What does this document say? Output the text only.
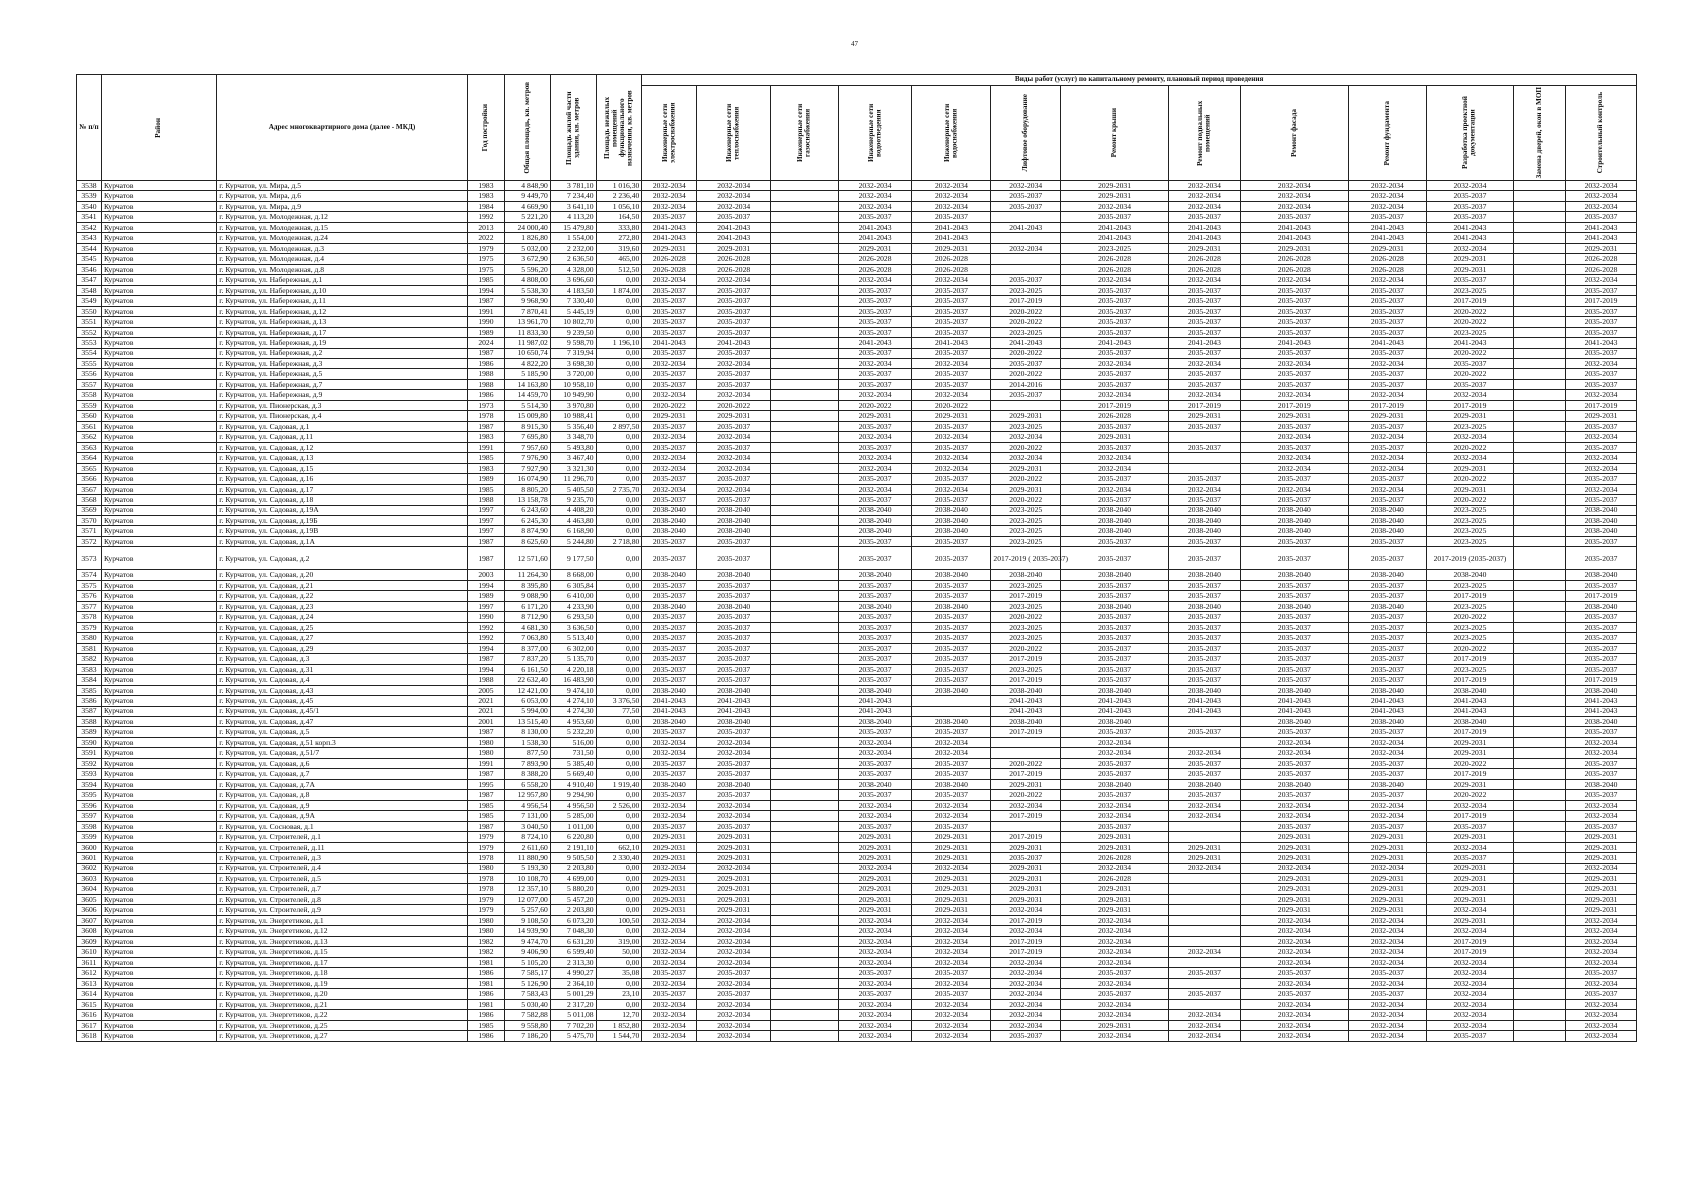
47
№ п/п	Район	Адрес многоквартирного дома (далее - МКД)	Год постройки	Общая площадь, кв. метров	Площадь жилой части здания, кв. метров	Площадь нежилых помещений функционального назначения, кв. метров	Виды работ (услуг) по капитальному ремонту, плановый период проведения												

							Инженерные сети электроснабжения	Инженерные сети теплоснабжения	Инженерные сети газоснабжения	Инженерные сети водоотведения	Инженерные сети водоснабжения	Лифтовое оборудование	Ремонт крыши	Ремонт подвальных помещений	Ремонт фасада	Ремонт фундамента	Разработка проектной документации	Замена дверей, окон в МОП	Строительный контроль

3538	Курчатов	г. Курчатов, ул. Мира, д.5	1983	4 848,90	3 781,10	1 016,30	2032-2034	2032-2034		2032-2034	2032-2034	2032-2034	2029-2031	2032-2034	2032-2034	2032-2034	2032-2034		2032-2034
3539	Курчатов	г. Курчатов, ул. Мира, д.6	1983	9 449,70	7 234,40	2 236,40	2032-2034	2032-2034		2032-2034	2032-2034	2035-2037	2029-2031	2032-2034	2032-2034	2032-2034	2035-2037		2032-2034
3540	Курчатов	г. Курчатов, ул. Мира, д.9	1984	4 669,90	3 641,10	1 056,10	2032-2034	2032-2034		2032-2034	2032-2034	2035-2037	2032-2034	2032-2034	2032-2034	2032-2034	2035-2037		2032-2034
3541	Курчатов	г. Курчатов, ул. Молодежная, д.12	1992	5 221,20	4 113,20	164,50	2035-2037	2035-2037		2035-2037	2035-2037		2035-2037	2035-2037	2035-2037	2035-2037	2035-2037		2035-2037
3542	Курчатов	г. Курчатов, ул. Молодежная, д.15	2013	24 000,40	15 479,80	333,80	2041-2043	2041-2043		2041-2043	2041-2043	2041-2043	2041-2043	2041-2043	2041-2043	2041-2043	2041-2043		2041-2043
3543	Курчатов	г. Курчатов, ул. Молодежная, д.24	2022	1 826,80	1 554,00	272,80	2041-2043	2041-2043		2041-2043	2041-2043		2041-2043	2041-2043	2041-2043	2041-2043	2041-2043		2041-2043
3544	Курчатов	г. Курчатов, ул. Молодежная, д.3	1979	5 032,00	2 232,00	319,60	2029-2031	2029-2031		2029-2031	2029-2031	2032-2034	2023-2025	2029-2031	2029-2031	2029-2031	2032-2034		2029-2031
3545	Курчатов	г. Курчатов, ул. Молодежная, д.4	1975	3 672,90	2 636,50	465,00	2026-2028	2026-2028		2026-2028	2026-2028		2026-2028	2026-2028	2026-2028	2026-2028	2029-2031		2026-2028
3546	Курчатов	г. Курчатов, ул. Молодежная, д.8	1975	5 596,20	4 328,00	512,50	2026-2028	2026-2028		2026-2028	2026-2028		2026-2028	2026-2028	2026-2028	2026-2028	2029-2031		2026-2028
3547	Курчатов	г. Курчатов, ул. Набережная, д.1	1985	4 808,00	3 696,60	0,00	2032-2034	2032-2034		2032-2034	2032-2034	2035-2037	2032-2034	2032-2034	2032-2034	2032-2034	2035-2037		2032-2034
3548	Курчатов	г. Курчатов, ул. Набережная, д.10	1994	5 538,30	4 183,50	1 874,00	2035-2037	2035-2037		2035-2037	2035-2037	2023-2025	2035-2037	2035-2037	2035-2037	2035-2037	2023-2025		2035-2037
3549	Курчатов	г. Курчатов, ул. Набережная, д.11	1987	9 968,90	7 330,40	0,00	2035-2037	2035-2037		2035-2037	2035-2037	2017-2019	2035-2037	2035-2037	2035-2037	2035-2037	2017-2019		2017-2019
3550	Курчатов	г. Курчатов, ул. Набережная, д.12	1991	7 870,41	5 445,19	0,00	2035-2037	2035-2037		2035-2037	2035-2037	2020-2022	2035-2037	2035-2037	2035-2037	2035-2037	2020-2022		2035-2037
3551	Курчатов	г. Курчатов, ул. Набережная, д.13	1990	13 961,70	10 802,70	0,00	2035-2037	2035-2037		2035-2037	2035-2037	2020-2022	2035-2037	2035-2037	2035-2037	2035-2037	2020-2022		2035-2037
3552	Курчатов	г. Курчатов, ул. Набережная, д.17	1989	11 833,30	9 239,50	0,00	2035-2037	2035-2037		2035-2037	2035-2037	2023-2025	2035-2037	2035-2037	2035-2037	2035-2037	2023-2025		2035-2037
3553	Курчатов	г. Курчатов, ул. Набережная, д.19	2024	11 987,02	9 598,70	1 196,10	2041-2043	2041-2043		2041-2043	2041-2043	2041-2043	2041-2043	2041-2043	2041-2043	2041-2043	2041-2043		2041-2043
3554	Курчатов	г. Курчатов, ул. Набережная, д.2	1987	10 650,74	7 319,94	0,00	2035-2037	2035-2037		2035-2037	2035-2037	2020-2022	2035-2037	2035-2037	2035-2037	2035-2037	2020-2022		2035-2037
3555	Курчатов	г. Курчатов, ул. Набережная, д.3	1986	4 822,20	3 698,30	0,00	2032-2034	2032-2034		2032-2034	2032-2034	2035-2037	2032-2034	2032-2034	2032-2034	2032-2034	2035-2037		2032-2034
3556	Курчатов	г. Курчатов, ул. Набережная, д.5	1988	5 185,90	3 720,00	0,00	2035-2037	2035-2037		2035-2037	2035-2037	2020-2022	2035-2037	2035-2037	2035-2037	2035-2037	2020-2022		2035-2037
3557	Курчатов	г. Курчатов, ул. Набережная, д.7	1988	14 163,80	10 958,10	0,00	2035-2037	2035-2037		2035-2037	2035-2037	2014-2016	2035-2037	2035-2037	2035-2037	2035-2037	2035-2037		2035-2037
3558	Курчатов	г. Курчатов, ул. Набережная, д.9	1986	14 459,70	10 949,90	0,00	2032-2034	2032-2034		2032-2034	2032-2034	2035-2037	2032-2034	2032-2034	2032-2034	2032-2034	2032-2034		2032-2034
3559	Курчатов	г. Курчатов, ул. Пионерская, д.3	1973	5 514,30	3 970,80	0,00	2020-2022	2020-2022		2020-2022	2020-2022		2017-2019	2017-2019	2017-2019	2017-2019	2017-2019		2017-2019
3560	Курчатов	г. Курчатов, ул. Пионерская, д.4	1978	15 009,80	10 988,41	0,00	2029-2031	2029-2031		2029-2031	2029-2031	2029-2031	2026-2028	2029-2031	2029-2031	2029-2031	2029-2031		2029-2031
3561	Курчатов	г. Курчатов, ул. Садовая, д.1	1987	8 915,30	5 356,40	2 897,50	2035-2037	2035-2037		2035-2037	2035-2037	2023-2025	2035-2037	2035-2037	2035-2037	2035-2037	2023-2025		2035-2037
3562	Курчатов	г. Курчатов, ул. Садовая, д.11	1983	7 695,80	3 348,70	0,00	2032-2034	2032-2034		2032-2034	2032-2034	2032-2034	2029-2031		2032-2034	2032-2034	2032-2034		2032-2034
3563	Курчатов	г. Курчатов, ул. Садовая, д.12	1991	7 957,60	5 493,80	0,00	2035-2037	2035-2037		2035-2037	2035-2037	2020-2022	2035-2037	2035-2037	2035-2037	2035-2037	2020-2022		2035-2037
3564	Курчатов	г. Курчатов, ул. Садовая, д.13	1985	7 976,90	3 467,40	0,00	2032-2034	2032-2034		2032-2034	2032-2034	2032-2034	2032-2034		2032-2034	2032-2034	2032-2034		2032-2034
3565	Курчатов	г. Курчатов, ул. Садовая, д.15	1983	7 927,90	3 321,30	0,00	2032-2034	2032-2034		2032-2034	2032-2034	2029-2031	2032-2034		2032-2034	2032-2034	2029-2031		2032-2034
3566	Курчатов	г. Курчатов, ул. Садовая, д.16	1989	16 074,90	11 296,70	0,00	2035-2037	2035-2037		2035-2037	2035-2037	2020-2022	2035-2037	2035-2037	2035-2037	2035-2037	2020-2022		2035-2037
3567	Курчатов	г. Курчатов, ул. Садовая, д.17	1985	8 805,20	5 405,50	2 735,70	2032-2034	2032-2034		2032-2034	2032-2034	2029-2031	2032-2034	2032-2034	2032-2034	2032-2034	2029-2031		2032-2034
3568	Курчатов	г. Курчатов, ул. Садовая, д.18	1988	13 158,78	9 235,70	0,00	2035-2037	2035-2037		2035-2037	2035-2037	2020-2022	2035-2037	2035-2037	2035-2037	2035-2037	2020-2022		2035-2037
3569	Курчатов	г. Курчатов, ул. Садовая, д.19А	1997	6 243,60	4 408,20	0,00	2038-2040	2038-2040		2038-2040	2038-2040	2023-2025	2038-2040	2038-2040	2038-2040	2038-2040	2023-2025		2038-2040
3570	Курчатов	г. Курчатов, ул. Садовая, д.19Б	1997	6 245,30	4 463,80	0,00	2038-2040	2038-2040		2038-2040	2038-2040	2023-2025	2038-2040	2038-2040	2038-2040	2038-2040	2023-2025		2038-2040
3571	Курчатов	г. Курчатов, ул. Садовая, д.19В	1997	8 874,90	6 168,90	0,00	2038-2040	2038-2040		2038-2040	2038-2040	2023-2025	2038-2040	2038-2040	2038-2040	2038-2040	2023-2025		2038-2040
3572	Курчатов	г. Курчатов, ул. Садовая, д.1А	1987	8 625,60	5 244,80	2 718,80	2035-2037	2035-2037		2035-2037	2035-2037	2023-2025	2035-2037	2035-2037	2035-2037	2035-2037	2023-2025		2035-2037
3573	Курчатов	г. Курчатов, ул. Садовая, д.2	1987	12 571,60	9 177,50	0,00	2035-2037	2035-2037		2035-2037	2035-2037	2017-2019 ( 2035-2037)	2035-2037	2035-2037	2035-2037	2035-2037	2017-2019 (2035-2037)		2035-2037
3574	Курчатов	г. Курчатов, ул. Садовая, д.20	2003	11 264,30	8 668,00	0,00	2038-2040	2038-2040		2038-2040	2038-2040	2038-2040	2038-2040	2038-2040	2038-2040	2038-2040	2038-2040		2038-2040
3575	Курчатов	г. Курчатов, ул. Садовая, д.21	1994	8 395,80	6 305,84	0,00	2035-2037	2035-2037		2035-2037	2035-2037	2023-2025	2035-2037	2035-2037	2035-2037	2035-2037	2023-2025		2035-2037
3576	Курчатов	г. Курчатов, ул. Садовая, д.22	1989	9 088,90	6 410,00	0,00	2035-2037	2035-2037		2035-2037	2035-2037	2017-2019	2035-2037	2035-2037	2035-2037	2035-2037	2017-2019		2017-2019
3577	Курчатов	г. Курчатов, ул. Садовая, д.23	1997	6 171,20	4 233,90	0,00	2038-2040	2038-2040		2038-2040	2038-2040	2023-2025	2038-2040	2038-2040	2038-2040	2038-2040	2023-2025		2038-2040
3578	Курчатов	г. Курчатов, ул. Садовая, д.24	1990	8 712,90	6 293,50	0,00	2035-2037	2035-2037		2035-2037	2035-2037	2020-2022	2035-2037	2035-2037	2035-2037	2035-2037	2020-2022		2035-2037
3579	Курчатов	г. Курчатов, ул. Садовая, д.25	1992	4 681,30	3 636,50	0,00	2035-2037	2035-2037		2035-2037	2035-2037	2023-2025	2035-2037	2035-2037	2035-2037	2035-2037	2023-2025		2035-2037
3580	Курчатов	г. Курчатов, ул. Садовая, д.27	1992	7 063,80	5 513,40	0,00	2035-2037	2035-2037		2035-2037	2035-2037	2023-2025	2035-2037	2035-2037	2035-2037	2035-2037	2023-2025		2035-2037
3581	Курчатов	г. Курчатов, ул. Садовая, д.29	1994	8 377,00	6 302,00	0,00	2035-2037	2035-2037		2035-2037	2035-2037	2020-2022	2035-2037	2035-2037	2035-2037	2035-2037	2020-2022		2035-2037
3582	Курчатов	г. Курчатов, ул. Садовая, д.3	1987	7 837,20	5 135,70	0,00	2035-2037	2035-2037		2035-2037	2035-2037	2017-2019	2035-2037	2035-2037	2035-2037	2035-2037	2017-2019		2035-2037
3583	Курчатов	г. Курчатов, ул. Садовая, д.31	1994	6 161,50	4 220,18	0,00	2035-2037	2035-2037		2035-2037	2035-2037	2023-2025	2035-2037	2035-2037	2035-2037	2035-2037	2023-2025		2035-2037
3584	Курчатов	г. Курчатов, ул. Садовая, д.4	1988	22 632,40	16 483,90	0,00	2035-2037	2035-2037		2035-2037	2035-2037	2017-2019	2035-2037	2035-2037	2035-2037	2035-2037	2017-2019		2017-2019
3585	Курчатов	г. Курчатов, ул. Садовая, д.43	2005	12 421,00	9 474,10	0,00	2038-2040	2038-2040		2038-2040	2038-2040	2038-2040	2038-2040	2038-2040	2038-2040	2038-2040	2038-2040		2038-2040
3586	Курчатов	г. Курчатов, ул. Садовая, д.45	2021	6 053,00	4 274,10	3 376,50	2041-2043	2041-2043		2041-2043		2041-2043	2041-2043	2041-2043	2041-2043	2041-2043	2041-2043		2041-2043
3587	Курчатов	г. Курчатов, ул. Садовая, д.45/1	2021	5 994,00	4 274,30	77,50	2041-2043	2041-2043		2041-2043		2041-2043	2041-2043	2041-2043	2041-2043	2041-2043	2041-2043		2041-2043
3588	Курчатов	г. Курчатов, ул. Садовая, д.47	2001	13 515,40	4 953,60	0,00	2038-2040	2038-2040		2038-2040	2038-2040	2038-2040	2038-2040		2038-2040	2038-2040	2038-2040		2038-2040
3589	Курчатов	г. Курчатов, ул. Садовая, д.5	1987	8 130,00	5 232,20	0,00	2035-2037	2035-2037		2035-2037	2035-2037	2017-2019	2035-2037	2035-2037	2035-2037	2035-2037	2017-2019		2035-2037
3590	Курчатов	г. Курчатов, ул. Садовая, д.51 корп.3	1980	1 538,30	516,00	0,00	2032-2034	2032-2034		2032-2034	2032-2034		2032-2034		2032-2034	2032-2034	2029-2031		2032-2034
3591	Курчатов	г. Курчатов, ул. Садовая, д.51/7	1980	877,50	731,50	0,00	2032-2034	2032-2034		2032-2034	2032-2034		2032-2034	2032-2034	2032-2034	2032-2034	2029-2031		2032-2034
3592	Курчатов	г. Курчатов, ул. Садовая, д.6	1991	7 893,90	5 385,40	0,00	2035-2037	2035-2037		2035-2037	2035-2037	2020-2022	2035-2037	2035-2037	2035-2037	2035-2037	2020-2022		2035-2037
3593	Курчатов	г. Курчатов, ул. Садовая, д.7	1987	8 388,20	5 669,40	0,00	2035-2037	2035-2037		2035-2037	2035-2037	2017-2019	2035-2037	2035-2037	2035-2037	2035-2037	2017-2019		2035-2037
3594	Курчатов	г. Курчатов, ул. Садовая, д.7А	1995	6 558,20	4 910,40	1 919,40	2038-2040	2038-2040		2038-2040	2038-2040	2029-2031	2038-2040	2038-2040	2038-2040	2038-2040	2029-2031		2038-2040
3595	Курчатов	г. Курчатов, ул. Садовая, д.8	1987	12 957,80	9 294,90	0,00	2035-2037	2035-2037		2035-2037	2035-2037	2020-2022	2035-2037	2035-2037	2035-2037	2035-2037	2020-2022		2035-2037
3596	Курчатов	г. Курчатов, ул. Садовая, д.9	1985	4 956,54	4 956,50	2 526,00	2032-2034	2032-2034		2032-2034	2032-2034	2032-2034	2032-2034	2032-2034	2032-2034	2032-2034	2032-2034		2032-2034
3597	Курчатов	г. Курчатов, ул. Садовая, д.9А	1985	7 131,00	5 285,00	0,00	2032-2034	2032-2034		2032-2034	2032-2034	2017-2019	2032-2034	2032-2034	2032-2034	2032-2034	2017-2019		2032-2034
3598	Курчатов	г. Курчатов, ул. Сосновая, д.1	1987	3 040,50	1 011,00	0,00	2035-2037	2035-2037		2035-2037	2035-2037		2035-2037		2035-2037	2035-2037	2035-2037		2035-2037
3599	Курчатов	г. Курчатов, ул. Строителей, д.1	1979	8 724,10	6 220,80	0,00	2029-2031	2029-2031		2029-2031	2029-2031	2017-2019	2029-2031		2029-2031	2029-2031	2029-2031		2029-2031
3600	Курчатов	г. Курчатов, ул. Строителей, д.11	1979	2 611,60	2 191,10	662,10	2029-2031	2029-2031		2029-2031	2029-2031	2029-2031	2029-2031	2029-2031	2029-2031	2029-2031	2032-2034		2029-2031
3601	Курчатов	г. Курчатов, ул. Строителей, д.3	1978	11 880,90	9 505,50	2 330,40	2029-2031	2029-2031		2029-2031	2029-2031	2035-2037	2026-2028	2029-2031	2029-2031	2029-2031	2035-2037		2029-2031
3602	Курчатов	г. Курчатов, ул. Строителей, д.4	1980	5 193,30	2 203,80	0,00	2032-2034	2032-2034		2032-2034	2032-2034	2029-2031	2032-2034	2032-2034	2032-2034	2032-2034	2029-2031		2032-2034
3603	Курчатов	г. Курчатов, ул. Строителей, д.5	1978	10 108,70	4 699,00	0,00	2029-2031	2029-2031		2029-2031	2029-2031	2029-2031	2026-2028		2029-2031	2029-2031	2029-2031		2029-2031
3604	Курчатов	г. Курчатов, ул. Строителей, д.7	1978	12 357,10	5 880,20	0,00	2029-2031	2029-2031		2029-2031	2029-2031	2029-2031	2029-2031		2029-2031	2029-2031	2029-2031		2029-2031
3605	Курчатов	г. Курчатов, ул. Строителей, д.8	1979	12 077,00	5 457,20	0,00	2029-2031	2029-2031		2029-2031	2029-2031	2029-2031	2029-2031		2029-2031	2029-2031	2029-2031		2029-2031
3606	Курчатов	г. Курчатов, ул. Строителей, д.9	1979	5 257,60	2 203,80	0,00	2029-2031	2029-2031		2029-2031	2029-2031	2032-2034	2029-2031		2029-2031	2029-2031	2032-2034		2029-2031
3607	Курчатов	г. Курчатов, ул. Энергетиков, д.1	1980	9 108,50	6 073,20	100,50	2032-2034	2032-2034		2032-2034	2032-2034	2017-2019	2032-2034		2032-2034	2032-2034	2029-2031		2032-2034
3608	Курчатов	г. Курчатов, ул. Энергетиков, д.12	1980	14 939,90	7 048,30	0,00	2032-2034	2032-2034		2032-2034	2032-2034	2032-2034	2032-2034		2032-2034	2032-2034	2032-2034		2032-2034
3609	Курчатов	г. Курчатов, ул. Энергетиков, д.13	1982	9 474,70	6 631,20	319,00	2032-2034	2032-2034		2032-2034	2032-2034	2017-2019	2032-2034		2032-2034	2032-2034	2017-2019		2032-2034
3610	Курчатов	г. Курчатов, ул. Энергетиков, д.15	1982	9 406,90	6 599,40	50,00	2032-2034	2032-2034		2032-2034	2032-2034	2017-2019	2032-2034	2032-2034	2032-2034	2032-2034	2017-2019		2032-2034
3611	Курчатов	г. Курчатов, ул. Энергетиков, д.17	1981	5 105,20	2 313,30	0,00	2032-2034	2032-2034		2032-2034	2032-2034	2032-2034	2032-2034		2032-2034	2032-2034	2032-2034		2032-2034
3612	Курчатов	г. Курчатов, ул. Энергетиков, д.18	1986	7 585,17	4 990,27	35,08	2035-2037	2035-2037		2035-2037	2035-2037	2032-2034	2035-2037	2035-2037	2035-2037	2035-2037	2032-2034		2035-2037
3613	Курчатов	г. Курчатов, ул. Энергетиков, д.19	1981	5 126,90	2 364,10	0,00	2032-2034	2032-2034		2032-2034	2032-2034	2032-2034	2032-2034		2032-2034	2032-2034	2032-2034		2032-2034
3614	Курчатов	г. Курчатов, ул. Энергетиков, д.20	1986	7 583,43	5 001,29	23,10	2035-2037	2035-2037		2035-2037	2035-2037	2032-2034	2035-2037	2035-2037	2035-2037	2035-2037	2032-2034		2035-2037
3615	Курчатов	г. Курчатов, ул. Энергетиков, д.21	1981	5 030,40	2 317,20	0,00	2032-2034	2032-2034		2032-2034	2032-2034	2032-2034	2032-2034		2032-2034	2032-2034	2032-2034		2032-2034
3616	Курчатов	г. Курчатов, ул. Энергетиков, д.22	1986	7 582,88	5 011,08	12,70	2032-2034	2032-2034		2032-2034	2032-2034	2032-2034	2032-2034	2032-2034	2032-2034	2032-2034	2032-2034		2032-2034
3617	Курчатов	г. Курчатов, ул. Энергетиков, д.25	1985	9 558,80	7 702,20	1 852,80	2032-2034	2032-2034		2032-2034	2032-2034	2032-2034	2029-2031	2032-2034	2032-2034	2032-2034	2032-2034		2032-2034
3618	Курчатов	г. Курчатов, ул. Энергетиков, д.27	1986	7 186,20	5 475,70	1 544,70	2032-2034	2032-2034		2032-2034	2032-2034	2035-2037	2032-2034	2032-2034	2032-2034	2032-2034	2035-2037		2032-2034
